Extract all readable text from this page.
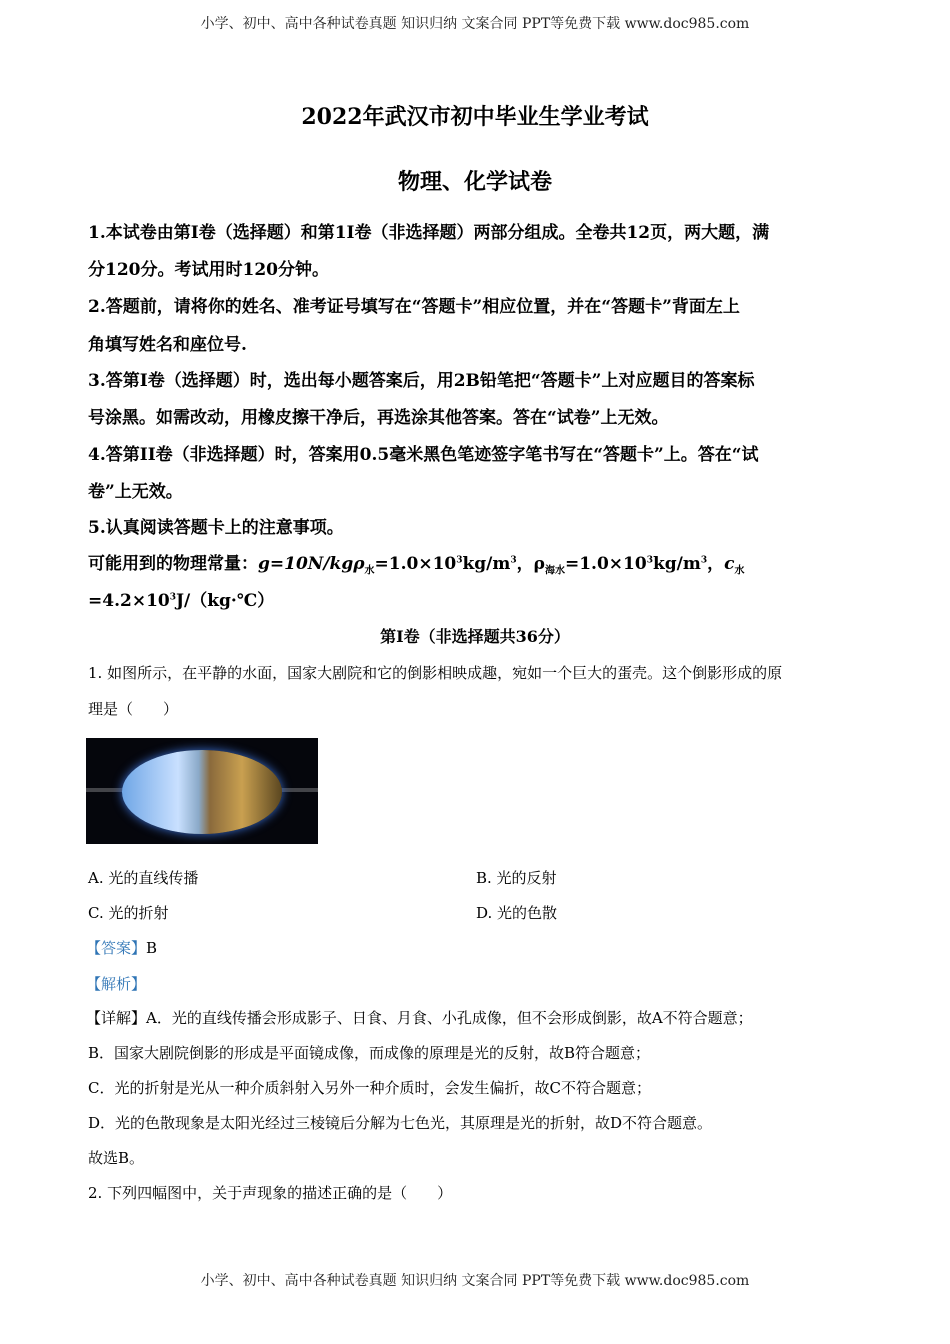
小学、初中、高中各种试卷真题 知识归纳 文案合同 PPT等免费下载 www.doc985.com
2022年武汉市初中毕业生学业考试
物理、化学试卷
1.本试卷由第I卷（选择题）和第1I卷（非选择题）两部分组成。全卷共12页，两大题，满
分120分。考试用时120分钟。
2.答题前，请将你的姓名、准考证号填写在“答题卡”相应位置，并在“答题卡”背面左上
角填写姓名和座位号.
3.答第I卷（选择题）时，选出每小题答案后，用2B铅笔把“答题卡”上对应题目的答案标
号涂黑。如需改动，用橡皮擦干净后，再选涂其他答案。答在“试卷”上无效。
4.答第II卷（非选择题）时，答案用0.5毫米黑色笔迹签字笔书写在“答题卡”上。答在“试
卷”上无效。
5.认真阅读答题卡上的注意事项。
可能用到的物理常量：$g=10N/kg\rho_水=1.0\times 10^3kg/m^3$，$\rho_{海水}=1.0\times 10^3kg/m^3$，$c_水$
$=4.2\times 10^3J/(kg\cdot℃)$
第I卷（非选择题共36分）
1. 如图所示，在平静的水面，国家大剧院和它的倒影相映成趣，宛如一个巨大的蛋壳。这个倒影形成的原
理是（　　）
A. 光的直线传播	B. 光的反射
C. 光的折射	D. 光的色散
【答案】B
【解析】
【详解】A．光的直线传播会形成影子、日食、月食、小孔成像，但不会形成倒影，故A不符合题意；
B．国家大剧院倒影的形成是平面镜成像，而成像的原理是光的反射，故B符合题意；
C．光的折射是光从一种介质斜射入另外一种介质时，会发生偏折，故C不符合题意；
D．光的色散现象是太阳光经过三棱镜后分解为七色光，其原理是光的折射，故D不符合题意。
故选B。
2. 下列四幅图中，关于声现象的描述正确的是（　　）
小学、初中、高中各种试卷真题 知识归纳 文案合同 PPT等免费下载 www.doc985.com
